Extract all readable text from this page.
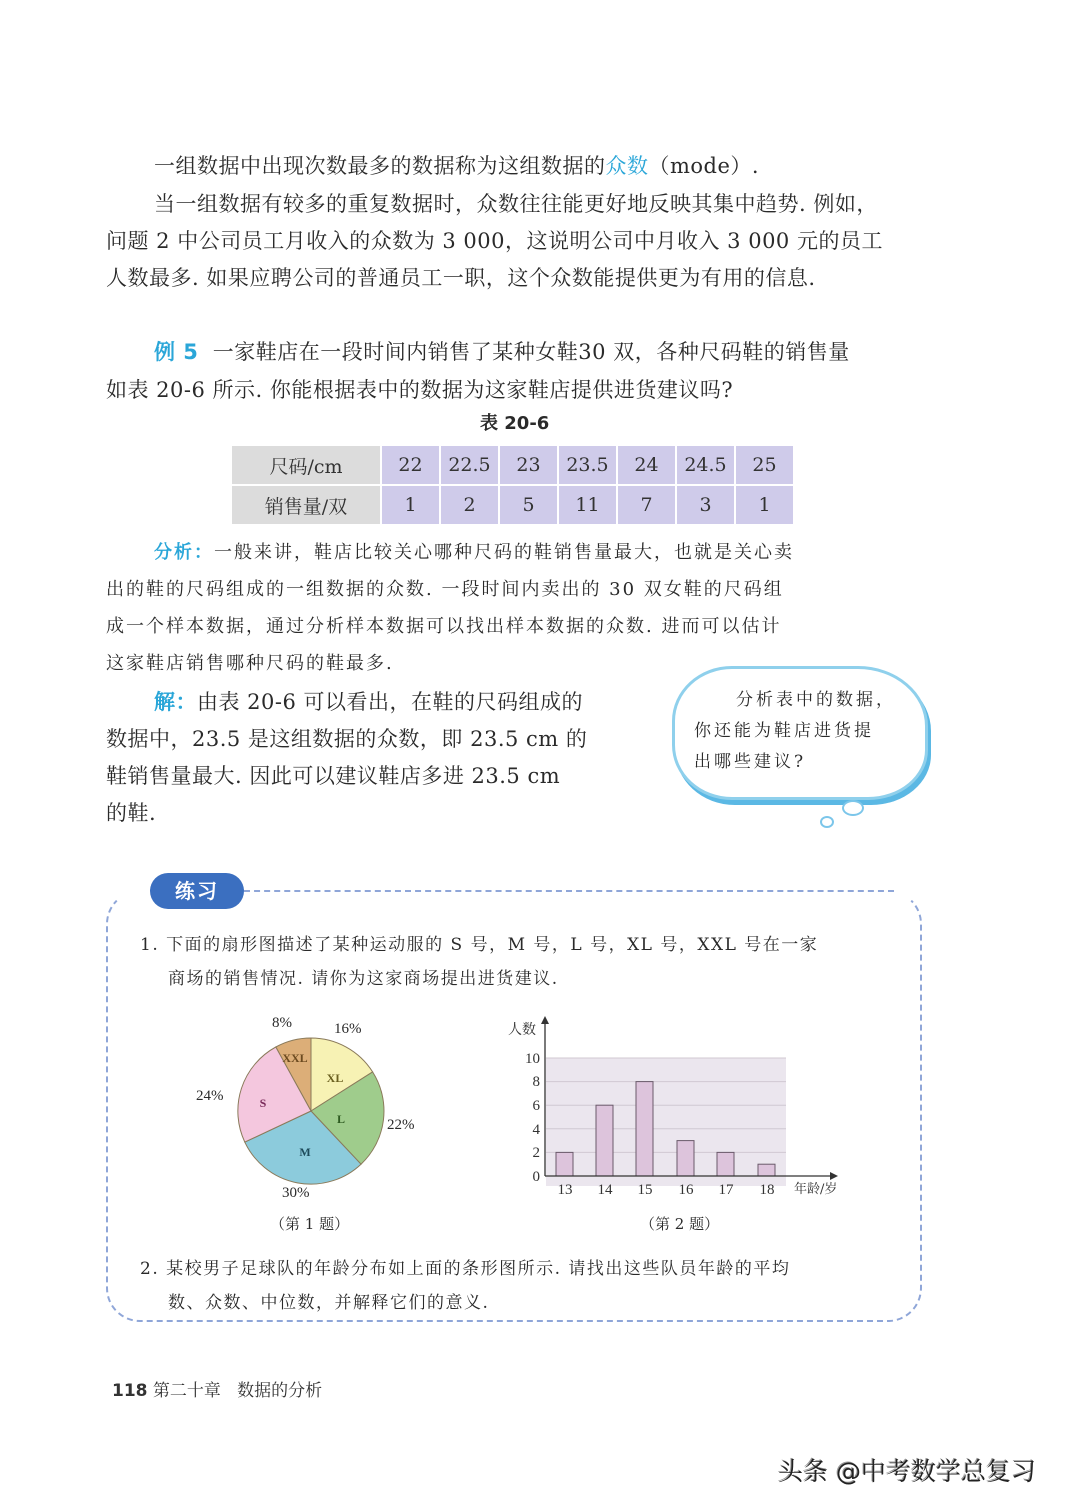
一组数据中出现次数最多的数据称为这组数据的众数（mode）.
当一组数据有较多的重复数据时，众数往往能更好地反映其集中趋势. 例如，
问题 2 中公司员工月收入的众数为 3 000，这说明公司中月收入 3 000 元的员工
人数最多. 如果应聘公司的普通员工一职，这个众数能提供更为有用的信息.
例 5 一家鞋店在一段时间内销售了某种女鞋30 双，各种尺码鞋的销售量
如表 20-6 所示. 你能根据表中的数据为这家鞋店提供进货建议吗?
表 20-6
尺码/cm	22	22.5	23	23.5	24	24.5	25
销售量/双	1	2	5	11	7	3	1
分析：一般来讲，鞋店比较关心哪种尺码的鞋销售量最大，也就是关心卖
出的鞋的尺码组成的一组数据的众数. 一段时间内卖出的 30 双女鞋的尺码组
成一个样本数据，通过分析样本数据可以找出样本数据的众数. 进而可以估计
这家鞋店销售哪种尺码的鞋最多.
解：由表 20-6 可以看出，在鞋的尺码组成的
数据中，23.5 是这组数据的众数，即 23.5 cm 的
鞋销售量最大. 因此可以建议鞋店多进 23.5 cm
的鞋.
分析表中的数据，
你还能为鞋店进货提
出哪些建议?
练习
1. 下面的扇形图描述了某种运动服的 S 号，M 号，L 号，XL 号，XXL 号在一家
商场的销售情况. 请你为这家商场提出进货建议.
XXL
XL
L
M
S
8%	16%
22%
30%
24%
（第 1 题）
0
2
4
6
8
10
13 14 15 16 17 18
人数
年龄/岁
（第 2 题）
2. 某校男子足球队的年龄分布如上面的条形图所示. 请找出这些队员年龄的平均
数、众数、中位数，并解释它们的意义.
118 第二十章 数据的分析
头条 @中考数学总复习
